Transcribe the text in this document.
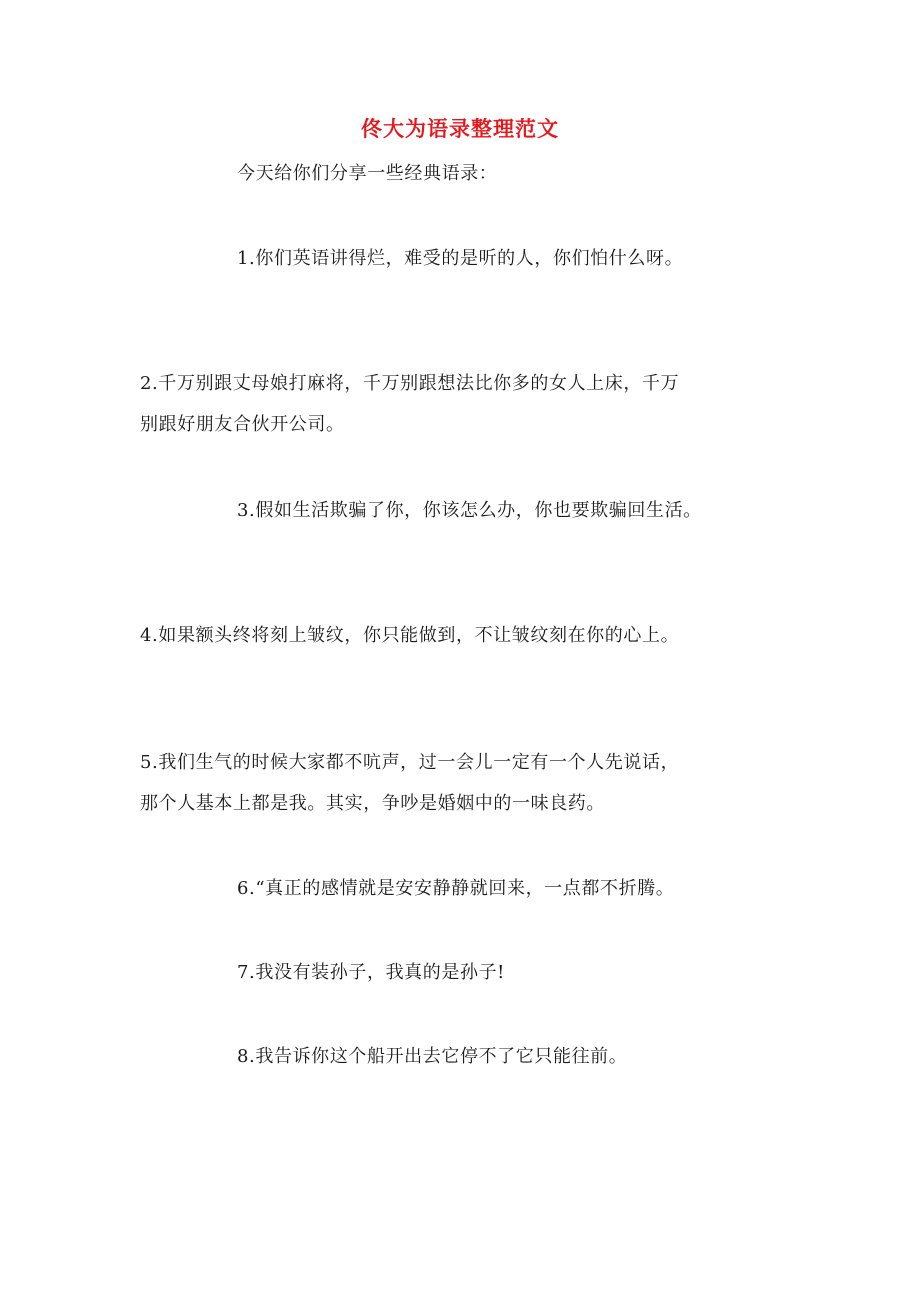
佟大为语录整理范文
今天给你们分享一些经典语录：
1.你们英语讲得烂，难受的是听的人，你们怕什么呀。
2.千万别跟丈母娘打麻将，千万别跟想法比你多的女人上床，千万
别跟好朋友合伙开公司。
3.假如生活欺骗了你，你该怎么办，你也要欺骗回生活。
4.如果额头终将刻上皱纹，你只能做到，不让皱纹刻在你的心上。
5.我们生气的时候大家都不吭声，过一会儿一定有一个人先说话，
那个人基本上都是我。其实，争吵是婚姻中的一味良药。
6.“真正的感情就是安安静静就回来，一点都不折腾。
7.我没有装孙子，我真的是孙子!
8.我告诉你这个船开出去它停不了它只能往前。
